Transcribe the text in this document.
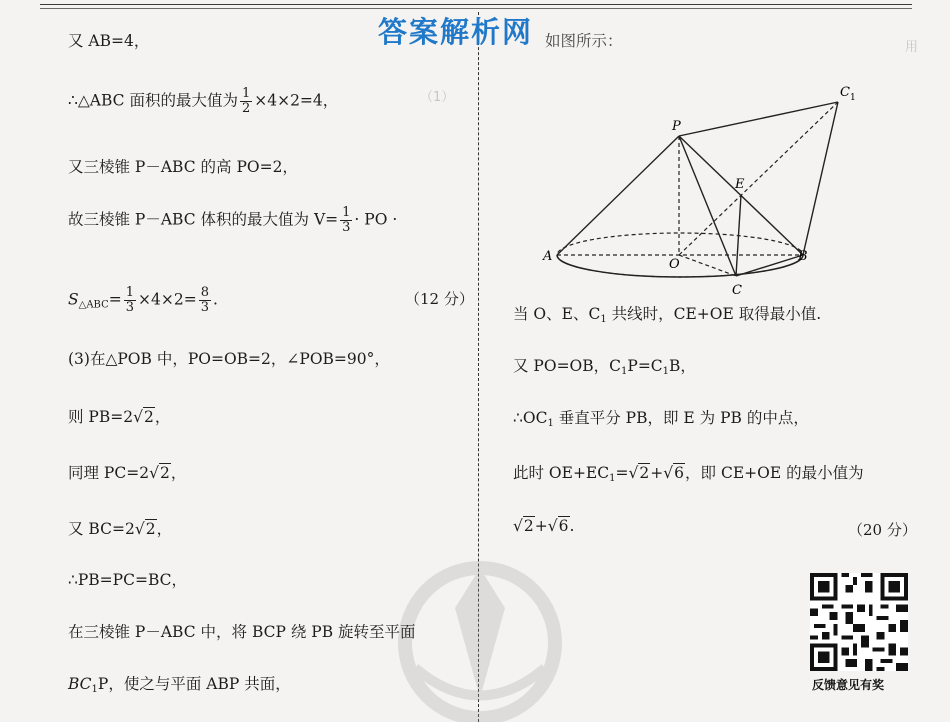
（1）
用
答案解析网
又 AB=4，
∴△ABC 面积的最大值为 $\frac{1}{2} \times 4\times 2=4$，
又三棱锥 P－ABC 的高 PO=2，
故三棱锥 P－ABC 体积的最大值为 $V= \frac{1}{3}$ · PO ·
$S_{\triangle ABC}= \frac{1}{3} \times 4\times 2= \frac{8}{3}$ .	（12 分）
(3)在△POB 中，PO=OB=2，∠POB=90°，
则 PB=2√2，
同理 PC=2√2，
又 BC=2√2，
∴PB=PC=BC，
在三棱锥 P－ABC 中，将 BCP 绕 PB 旋转至平面
$BC_1P$，使之与平面 ABP 共面，
如图所示：
P
C 1
E
A
O
B
C
当 O、E、$C_1$ 共线时，CE+OE 取得最小值.
又 PO=OB，$C_1P=C_1B$，
$\therefore OC_1$ 垂直平分 PB，即 E 为 PB 的中点，
此时 $OE+EC_1=√2+√6$，即 CE+OE 的最小值为
√2+√6.	（20 分）
反馈意见有奖
